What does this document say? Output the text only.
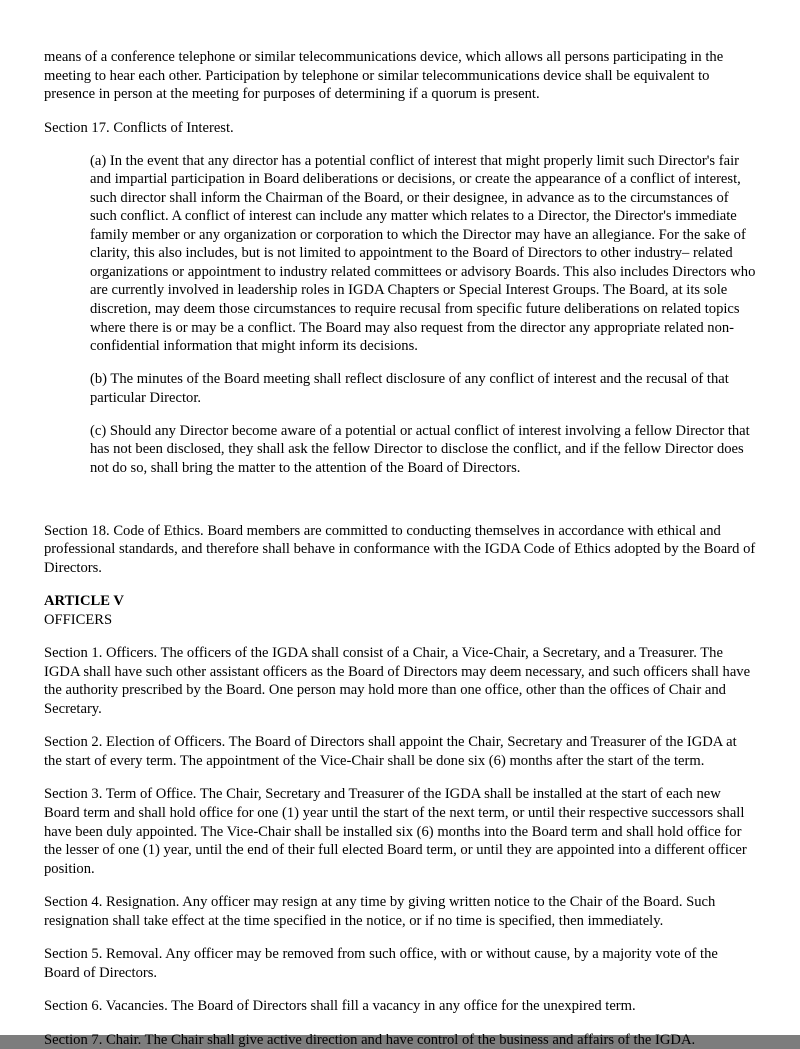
means of a conference telephone or similar telecommunications device, which allows all persons participating in the meeting to hear each other. Participation by telephone or similar telecommunications device shall be equivalent to presence in person at the meeting for purposes of determining if a quorum is present.

Section 17. Conflicts of Interest.

(a) In the event that any director has a potential conflict of interest that might properly limit such Director's fair and impartial participation in Board deliberations or decisions, or create the appearance of a conflict of interest, such director shall inform the Chairman of the Board, or their designee, in advance as to the circumstances of such conflict. A conflict of interest can include any matter which relates to a Director, the Director's immediate family member or any organization or corporation to which the Director may have an allegiance. For the sake of clarity, this also includes, but is not limited to appointment to the Board of Directors to other industry– related organizations or appointment to industry related committees or advisory Boards. This also includes Directors who are currently involved in leadership roles in IGDA Chapters or Special Interest Groups. The Board, at its sole discretion, may deem those circumstances to require recusal from specific future deliberations on related topics where there is or may be a conflict. The Board may also request from the director any appropriate related non-confidential information that might inform its decisions.

(b) The minutes of the Board meeting shall reflect disclosure of any conflict of interest and the recusal of that particular Director.

(c) Should any Director become aware of a potential or actual conflict of interest involving a fellow Director that has not been disclosed, they shall ask the fellow Director to disclose the conflict, and if the fellow Director does not do so, shall bring the matter to the attention of the Board of Directors.

Section 18. Code of Ethics. Board members are committed to conducting themselves in accordance with ethical and professional standards, and therefore shall behave in conformance with the IGDA Code of Ethics adopted by the Board of Directors.

ARTICLE V

OFFICERS

Section 1. Officers. The officers of the IGDA shall consist of a Chair, a Vice-Chair, a Secretary, and a Treasurer. The IGDA shall have such other assistant officers as the Board of Directors may deem necessary, and such officers shall have the authority prescribed by the Board. One person may hold more than one office, other than the offices of Chair and Secretary.

Section 2. Election of Officers. The Board of Directors shall appoint the Chair, Secretary and Treasurer of the IGDA at the start of every term. The appointment of the Vice-Chair shall be done six (6) months after the start of the term.

Section 3. Term of Office. The Chair, Secretary and Treasurer of the IGDA shall be installed at the start of each new Board term and shall hold office for one (1) year until the start of the next term, or until their respective successors shall have been duly appointed. The Vice-Chair shall be installed six (6) months into the Board term and shall hold office for the lesser of one (1) year, until the end of their full elected Board term, or until they are appointed into a different officer position.

Section 4. Resignation. Any officer may resign at any time by giving written notice to the Chair of the Board. Such resignation shall take effect at the time specified in the notice, or if no time is specified, then immediately.

Section 5. Removal. Any officer may be removed from such office, with or without cause, by a majority vote of the Board of Directors.

Section 6. Vacancies. The Board of Directors shall fill a vacancy in any office for the unexpired term.

Section 7. Chair. The Chair shall give active direction and have control of the business and affairs of the IGDA.
